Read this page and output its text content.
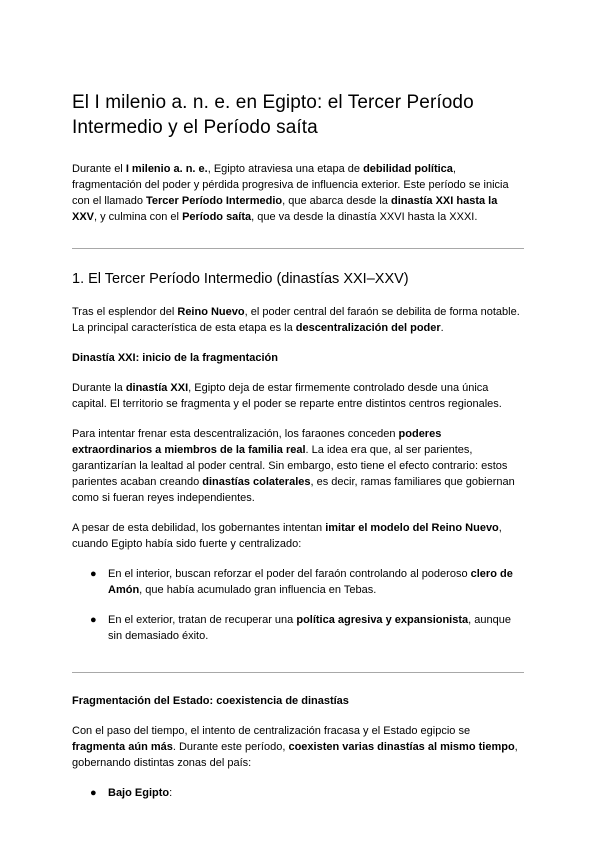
El I milenio a. n. e. en Egipto: el Tercer Período Intermedio y el Período saíta

Durante el I milenio a. n. e., Egipto atraviesa una etapa de debilidad política, fragmentación del poder y pérdida progresiva de influencia exterior. Este período se inicia con el llamado Tercer Período Intermedio, que abarca desde la dinastía XXI hasta la XXV, y culmina con el Período saíta, que va desde la dinastía XXVI hasta la XXXI.

1. El Tercer Período Intermedio (dinastías XXI–XXV)

Tras el esplendor del Reino Nuevo, el poder central del faraón se debilita de forma notable. La principal característica de esta etapa es la descentralización del poder.

Dinastía XXI: inicio de la fragmentación

Durante la dinastía XXI, Egipto deja de estar firmemente controlado desde una única capital. El territorio se fragmenta y el poder se reparte entre distintos centros regionales.

Para intentar frenar esta descentralización, los faraones conceden poderes extraordinarios a miembros de la familia real. La idea era que, al ser parientes, garantizarían la lealtad al poder central. Sin embargo, esto tiene el efecto contrario: estos parientes acaban creando dinastías colaterales, es decir, ramas familiares que gobiernan como si fueran reyes independientes.

A pesar de esta debilidad, los gobernantes intentan imitar el modelo del Reino Nuevo, cuando Egipto había sido fuerte y centralizado:

● En el interior, buscan reforzar el poder del faraón controlando al poderoso clero de Amón, que había acumulado gran influencia en Tebas.
● En el exterior, tratan de recuperar una política agresiva y expansionista, aunque sin demasiado éxito.
Fragmentación del Estado: coexistencia de dinastías

Con el paso del tiempo, el intento de centralización fracasa y el Estado egipcio se fragmenta aún más. Durante este período, coexisten varias dinastías al mismo tiempo, gobernando distintas zonas del país:

● Bajo Egipto:
